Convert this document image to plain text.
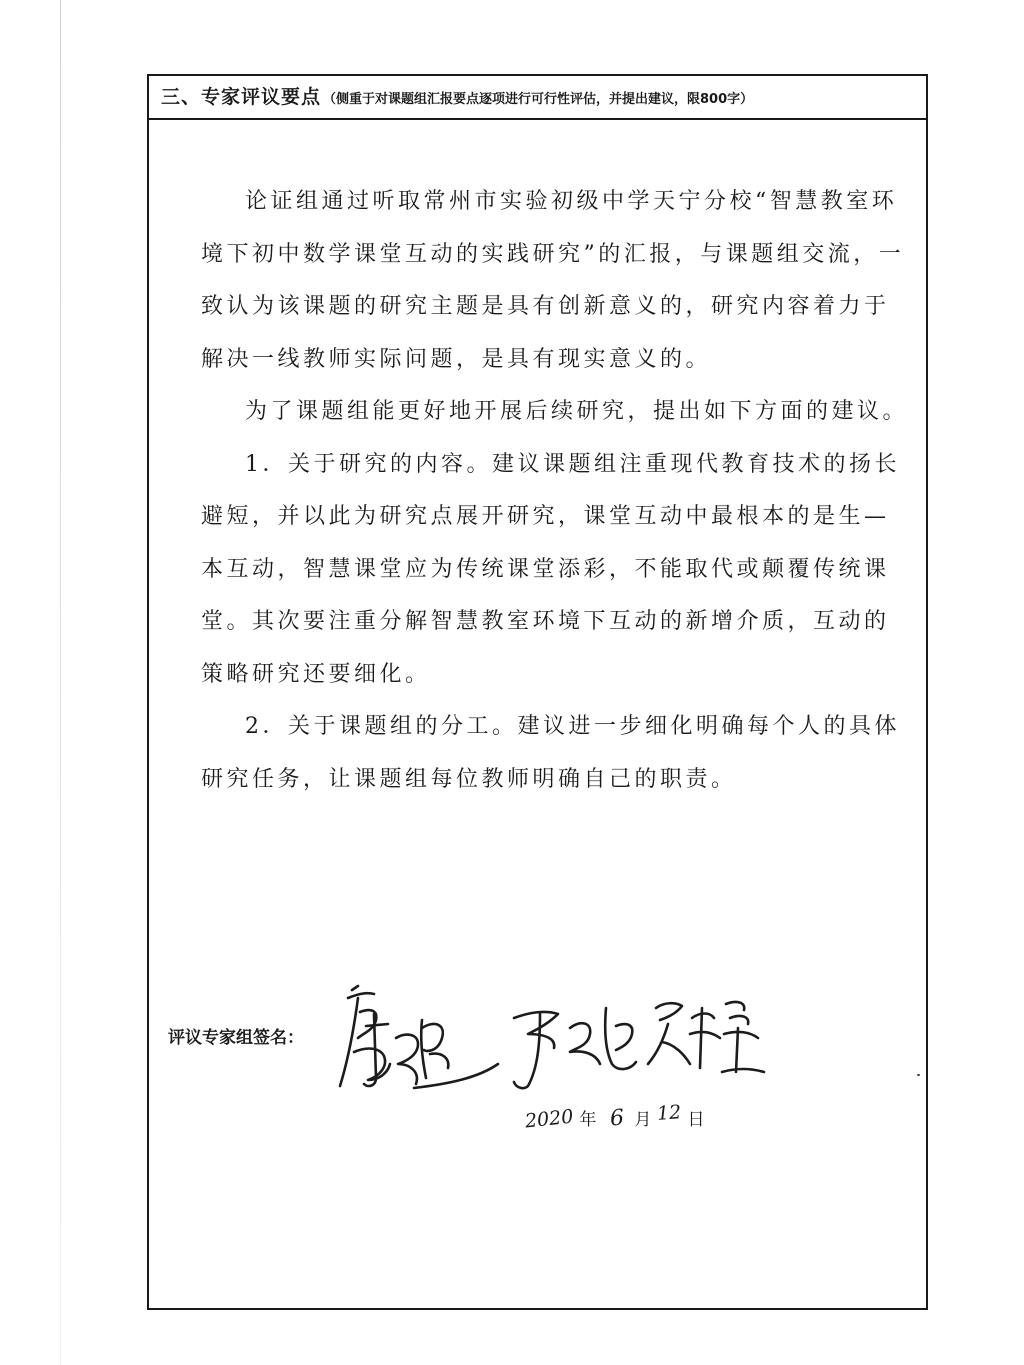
三、专家评议要点 （侧重于对课题组汇报要点逐项进行可行性评估，并提出建议，限800字）

论证组通过听取常州市实验初级中学天宁分校“智慧教室环境下初中数学课堂互动的实践研究”的汇报，与课题组交流，一致认为该课题的研究主题是具有创新意义的，研究内容着力于解决一线教师实际问题，是具有现实意义的。

为了课题组能更好地开展后续研究，提出如下方面的建议。

1．关于研究的内容。建议课题组注重现代教育技术的扬长避短，并以此为研究点展开研究，课堂互动中最根本的是生—本互动，智慧课堂应为传统课堂添彩，不能取代或颠覆传统课堂。其次要注重分解智慧教室环境下互动的新增介质，互动的策略研究还要细化。

2．关于课题组的分工。建议进一步细化明确每个人的具体研究任务，让课题组每位教师明确自己的职责。

评议专家组签名：
2020 年 6 月 12 日
